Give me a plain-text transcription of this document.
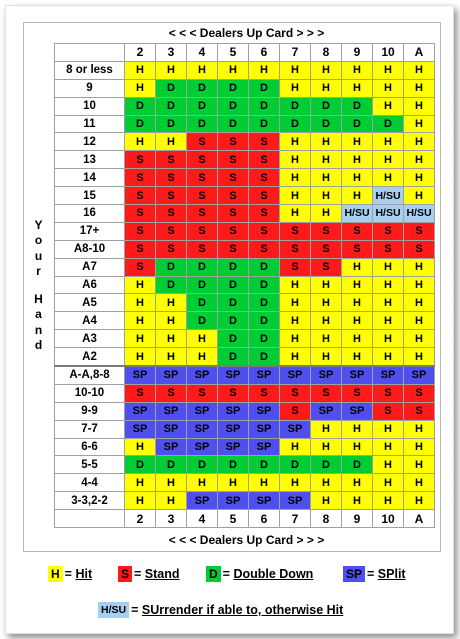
< < < Dealers Up Card > > >
Y
o
u
r
H
a
n
d
	2	3	4	5	6	7	8	9	10	A
8 or less	H	H	H	H	H	H	H	H	H	H
9	H	D	D	D	D	H	H	H	H	H
10	D	D	D	D	D	D	D	D	H	H
11	D	D	D	D	D	D	D	D	D	H
12	H	H	S	S	S	H	H	H	H	H
13	S	S	S	S	S	H	H	H	H	H
14	S	S	S	S	S	H	H	H	H	H
15	S	S	S	S	S	H	H	H	H/SU	H
16	S	S	S	S	S	H	H	H/SU	H/SU	H/SU
17+	S	S	S	S	S	S	S	S	S	S
A8-10	S	S	S	S	S	S	S	S	S	S
A7	S	D	D	D	D	S	S	H	H	H
A6	H	D	D	D	D	H	H	H	H	H
A5	H	H	D	D	D	H	H	H	H	H
A4	H	H	D	D	D	H	H	H	H	H
A3	H	H	H	D	D	H	H	H	H	H
A2	H	H	H	D	D	H	H	H	H	H
A-A,8-8	SP	SP	SP	SP	SP	SP	SP	SP	SP	SP
10-10	S	S	S	S	S	S	S	S	S	S
9-9	SP	SP	SP	SP	SP	S	SP	SP	S	S
7-7	SP	SP	SP	SP	SP	SP	H	H	H	H
6-6	H	SP	SP	SP	SP	H	H	H	H	H
5-5	D	D	D	D	D	D	D	D	H	H
4-4	H	H	H	H	H	H	H	H	H	H
3-3,2-2	H	H	SP	SP	SP	SP	H	H	H	H
	2	3	4	5	6	7	8	9	10	A
< < < Dealers Up Card > > >
H = Hit S = Stand D = Double Down	SP = SPlit
H/SU = SUrrender if able to, otherwise Hit
